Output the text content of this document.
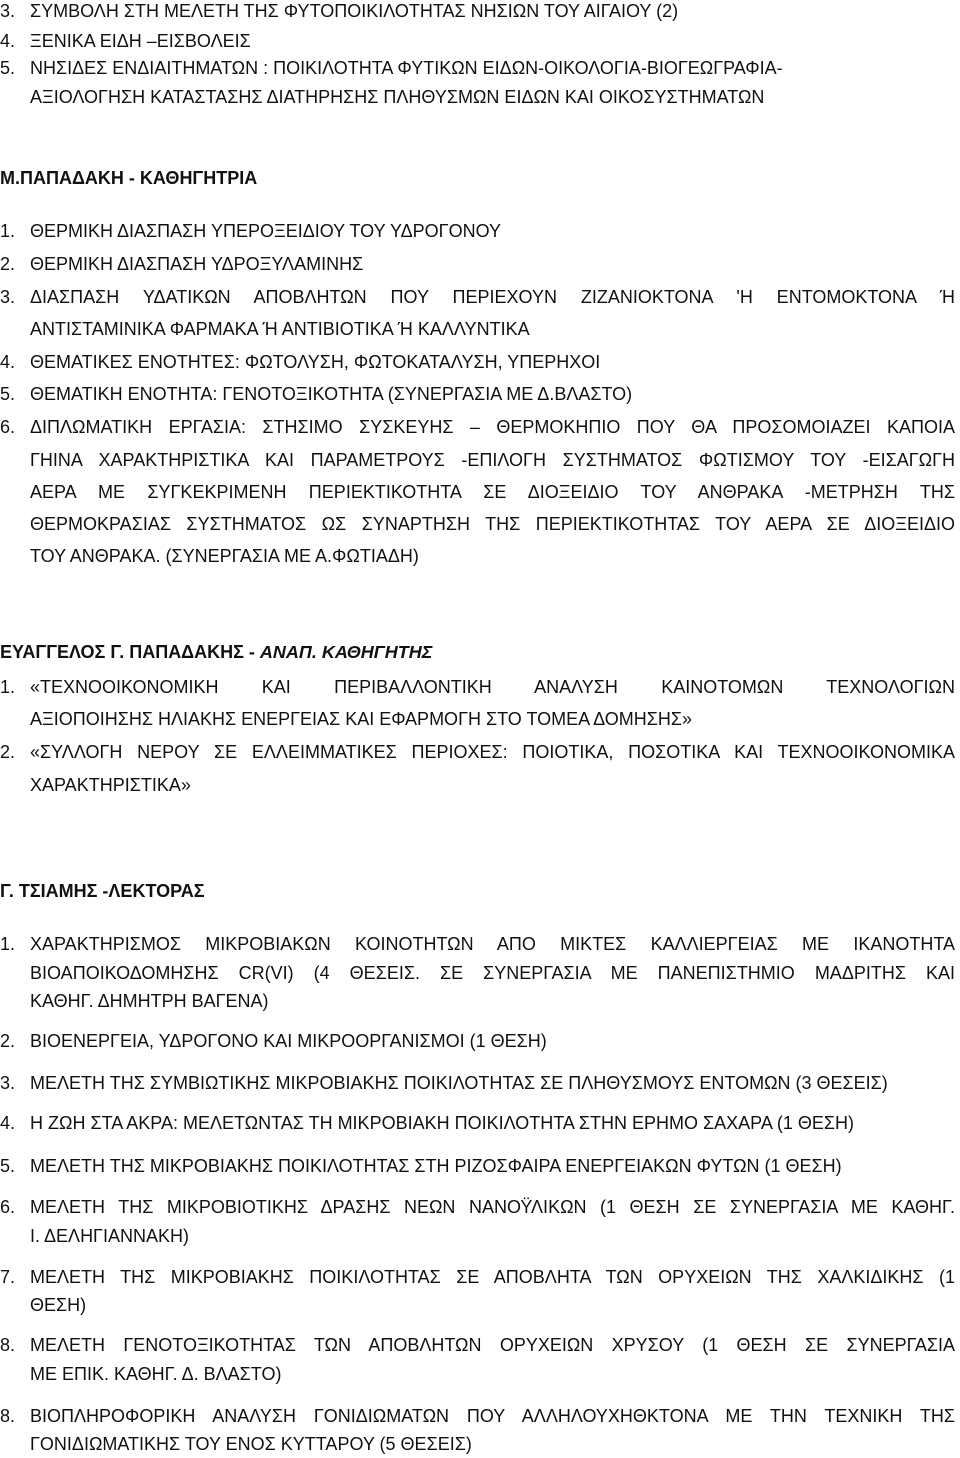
3. ΣΥΜΒΟΛΗ ΣΤΗ ΜΕΛΕΤΗ ΤΗΣ ΦΥΤΟΠΟΙΚΙΛΟΤΗΤΑΣ ΝΗΣΙΩΝ ΤΟΥ ΑΙΓΑΙΟΥ (2)
4. ΞΕΝΙΚΑ ΕΙΔΗ –ΕΙΣΒΟΛΕΙΣ
5. ΝΗΣΙΔΕΣ ΕΝΔΙΑΙΤΗΜΑΤΩΝ : ΠΟΙΚΙΛΟΤΗΤΑ ΦΥΤΙΚΩΝ ΕΙΔΩΝ-ΟΙΚΟΛΟΓΙΑ-ΒΙΟΓΕΩΓΡΑΦΙΑ-
ΑΞΙΟΛΟΓΗΣΗ ΚΑΤΑΣΤΑΣΗΣ ΔΙΑΤΗΡΗΣΗΣ ΠΛΗΘΥΣΜΩΝ ΕΙΔΩΝ ΚΑΙ ΟΙΚΟΣΥΣΤΗΜΑΤΩΝ
Μ.ΠΑΠΑΔΑΚΗ - ΚΑΘΗΓΗΤΡΙΑ
1. ΘΕΡΜΙΚΗ ΔΙΑΣΠΑΣΗ ΥΠΕΡΟΞΕΙΔΙΟΥ ΤΟΥ ΥΔΡΟΓΟΝΟΥ
2. ΘΕΡΜΙΚΗ ΔΙΑΣΠΑΣΗ ΥΔΡΟΞΥΛΑΜΙΝΗΣ
3. ΔΙΑΣΠΑΣΗ ΥΔΑΤΙΚΩΝ ΑΠΟΒΛΗΤΩΝ ΠΟΥ ΠΕΡΙΕΧΟΥΝ ΖΙΖΑΝΙΟΚΤΟΝΑ 'Η ΕΝΤΟΜΟΚΤΟΝΑ Ή
ΑΝΤΙΣΤΑΜΙΝΙΚΑ ΦΑΡΜΑΚΑ Ή ΑΝΤΙΒΙΟΤΙΚΑ Ή ΚΑΛΛΥΝΤΙΚΑ
4. ΘΕΜΑΤΙΚΕΣ ΕΝΟΤΗΤΕΣ: ΦΩΤΟΛΥΣΗ, ΦΩΤΟΚΑΤΑΛΥΣΗ, ΥΠΕΡΗΧΟΙ
5. ΘΕΜΑΤΙΚΗ ΕΝΟΤΗΤΑ: ΓΕΝΟΤΟΞΙΚΟΤΗΤΑ (ΣΥΝΕΡΓΑΣΙΑ ΜΕ Δ.ΒΛΑΣΤΟ)
6. ΔΙΠΛΩΜΑΤΙΚΗ ΕΡΓΑΣΙΑ: ΣΤΗΣΙΜΟ ΣΥΣΚΕΥΗΣ – ΘΕΡΜΟΚΗΠΙΟ ΠΟΥ ΘΑ ΠΡΟΣΟΜΟΙΑΖΕΙ ΚΑΠΟΙΑ
ΓΗΙΝΑ ΧΑΡΑΚΤΗΡΙΣΤΙΚΑ ΚΑΙ ΠΑΡΑΜΕΤΡΟΥΣ -ΕΠΙΛΟΓΗ ΣΥΣΤΗΜΑΤΟΣ ΦΩΤΙΣΜΟΥ ΤΟΥ -ΕΙΣΑΓΩΓΗ
ΑΕΡΑ ΜΕ ΣΥΓΚΕΚΡΙΜΕΝΗ ΠΕΡΙΕΚΤΙΚΟΤΗΤΑ ΣΕ ΔΙΟΞΕΙΔΙΟ ΤΟΥ ΑΝΘΡΑΚΑ -ΜΕΤΡΗΣΗ ΤΗΣ
ΘΕΡΜΟΚΡΑΣΙΑΣ ΣΥΣΤΗΜΑΤΟΣ ΩΣ ΣΥΝΑΡΤΗΣΗ ΤΗΣ ΠΕΡΙΕΚΤΙΚΟΤΗΤΑΣ ΤΟΥ ΑΕΡΑ ΣΕ ΔΙΟΞΕΙΔΙΟ
ΤΟΥ ΑΝΘΡΑΚΑ. (ΣΥΝΕΡΓΑΣΙΑ ΜΕ Α.ΦΩΤΙΑΔΗ)
ΕΥΑΓΓΕΛΟΣ Γ. ΠΑΠΑΔΑΚΗΣ - ΑΝΑΠ. ΚΑΘΗΓΗΤΗΣ
1. «ΤΕΧΝΟΟΙΚΟΝΟΜΙΚΗ ΚΑΙ ΠΕΡΙΒΑΛΛΟΝΤΙΚΗ ΑΝΑΛΥΣΗ ΚΑΙΝΟΤΟΜΩΝ ΤΕΧΝΟΛΟΓΙΩΝ
ΑΞΙΟΠΟΙΗΣΗΣ ΗΛΙΑΚΗΣ ΕΝΕΡΓΕΙΑΣ ΚΑΙ ΕΦΑΡΜΟΓΗ ΣΤΟ ΤΟΜΕΑ ΔΟΜΗΣΗΣ»
2. «ΣΥΛΛΟΓΗ ΝΕΡΟΥ ΣΕ ΕΛΛΕΙΜΜΑΤΙΚΕΣ ΠΕΡΙΟΧΕΣ: ΠΟΙΟΤΙΚΑ, ΠΟΣΟΤΙΚΑ ΚΑΙ ΤΕΧΝΟΟΙΚΟΝΟΜΙΚΑ
ΧΑΡΑΚΤΗΡΙΣΤΙΚΑ»
Γ. ΤΣΙΑΜΗΣ -ΛΕΚΤΟΡΑΣ
1. ΧΑΡΑΚΤΗΡΙΣΜΟΣ ΜΙΚΡΟΒΙΑΚΩΝ ΚΟΙΝΟΤΗΤΩΝ ΑΠΟ ΜΙΚΤΕΣ ΚΑΛΛΙΕΡΓΕΙΑΣ ΜΕ ΙΚΑΝΟΤΗΤΑ
ΒΙΟΑΠΟΙΚΟΔΟΜΗΣΗΣ CR(VI) (4 ΘΕΣΕΙΣ. ΣΕ ΣΥΝΕΡΓΑΣΙΑ ΜΕ ΠΑΝΕΠΙΣΤΗΜΙΟ ΜΑΔΡΙΤΗΣ ΚΑΙ
ΚΑΘΗΓ. ΔΗΜΗΤΡΗ ΒΑΓΕΝΑ)
2. ΒΙΟΕΝΕΡΓΕΙΑ, ΥΔΡΟΓΟΝΟ ΚΑΙ ΜΙΚΡΟΟΡΓΑΝΙΣΜΟΙ (1 ΘΕΣΗ)
3. ΜΕΛΕΤΗ ΤΗΣ ΣΥΜΒΙΩΤΙΚΗΣ ΜΙΚΡΟΒΙΑΚΗΣ ΠΟΙΚΙΛΟΤΗΤΑΣ ΣΕ ΠΛΗΘΥΣΜΟΥΣ ΕΝΤΟΜΩΝ (3 ΘΕΣΕΙΣ)
4. Η ΖΩΗ ΣΤΑ ΑΚΡΑ: ΜΕΛΕΤΩΝΤΑΣ ΤΗ ΜΙΚΡΟΒΙΑΚΗ ΠΟΙΚΙΛΟΤΗΤΑ ΣΤΗΝ ΕΡΗΜΟ ΣΑΧΑΡΑ (1 ΘΕΣΗ)
5. ΜΕΛΕΤΗ ΤΗΣ ΜΙΚΡΟΒΙΑΚΗΣ ΠΟΙΚΙΛΟΤΗΤΑΣ ΣΤΗ ΡΙΖΟΣΦΑΙΡΑ ΕΝΕΡΓΕΙΑΚΩΝ ΦΥΤΩΝ (1 ΘΕΣΗ)
6. ΜΕΛΕΤΗ ΤΗΣ ΜΙΚΡΟΒΙΟΤΙΚΗΣ ΔΡΑΣΗΣ ΝΕΩΝ ΝΑΝΟΫΛΙΚΩΝ (1 ΘΕΣΗ ΣΕ ΣΥΝΕΡΓΑΣΙΑ ΜΕ ΚΑΘΗΓ.
Ι. ΔΕΛΗΓΙΑΝΝΑΚΗ)
7. ΜΕΛΕΤΗ ΤΗΣ ΜΙΚΡΟΒΙΑΚΗΣ ΠΟΙΚΙΛΟΤΗΤΑΣ ΣΕ ΑΠΟΒΛΗΤΑ ΤΩΝ ΟΡΥΧΕΙΩΝ ΤΗΣ ΧΑΛΚΙΔΙΚΗΣ (1
ΘΕΣΗ)
8. ΜΕΛΕΤΗ ΓΕΝΟΤΟΞΙΚΟΤΗΤΑΣ ΤΩΝ ΑΠΟΒΛΗΤΩΝ ΟΡΥΧΕΙΩΝ ΧΡΥΣΟΥ (1 ΘΕΣΗ ΣΕ ΣΥΝΕΡΓΑΣΙΑ
ΜΕ ΕΠΙΚ. ΚΑΘΗΓ. Δ. ΒΛΑΣΤΟ)
8. ΒΙΟΠΛΗΡΟΦΟΡΙΚΗ ΑΝΑΛΥΣΗ ΓΟΝΙΔΙΩΜΑΤΩΝ ΠΟΥ ΑΛΛΗΛΟΥΧΗΘΚΤΟΝΑ ΜΕ ΤΗΝ ΤΕΧΝΙΚΗ ΤΗΣ
ΓΟΝΙΔΙΩΜΑΤΙΚΗΣ ΤΟΥ ΕΝΟΣ ΚΥΤΤΑΡΟΥ (5 ΘΕΣΕΙΣ)
